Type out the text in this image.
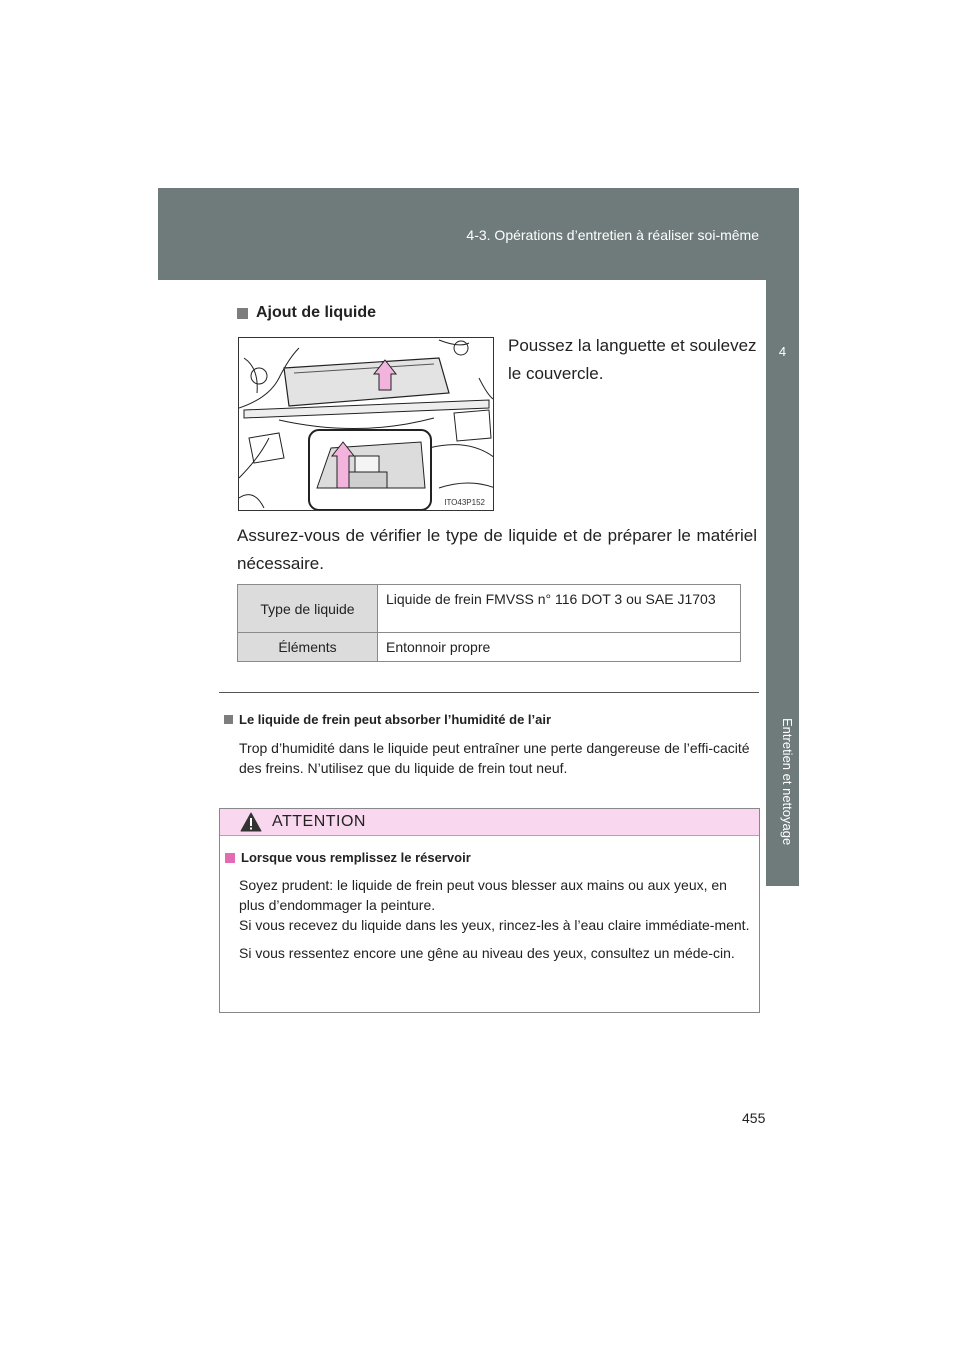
4-3. Opérations d’entretien à réaliser soi-même
4
Entretien et nettoyage
Ajout de liquide
ITO43P152
Poussez la languette et soulevez le couvercle.
Assurez-vous de vérifier le type de liquide et de préparer le matériel nécessaire.
Type de liquide	Liquide de frein FMVSS n° 116 DOT 3 ou SAE J1703
Éléments	Entonnoir propre
Le liquide de frein peut absorber l’humidité de l’air
Trop d’humidité dans le liquide peut entraîner une perte dangereuse de l’effi-cacité des freins. N’utilisez que du liquide de frein tout neuf.
ATTENTION
Lorsque vous remplissez le réservoir

Soyez prudent: le liquide de frein peut vous blesser aux mains ou aux yeux, en plus d’endommager la peinture.
Si vous recevez du liquide dans les yeux, rincez-les à l’eau claire immédiate-ment.

Si vous ressentez encore une gêne au niveau des yeux, consultez un méde-cin.

455
